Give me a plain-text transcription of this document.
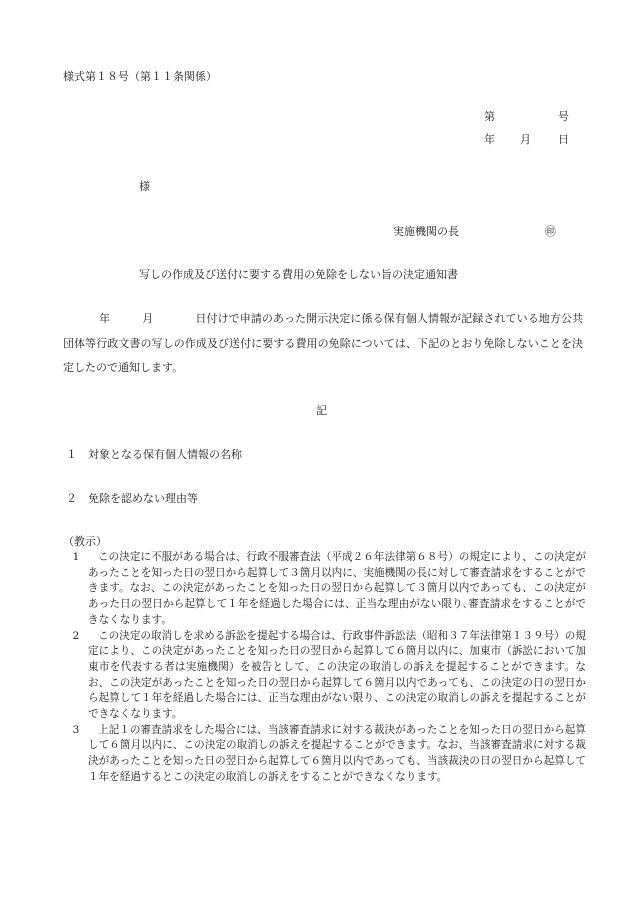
様式第１８号（第１１条関係）
第	号
年 月 日
様
実施機関の長	㊞
写しの作成及び送付に要する費用の免除をしない旨の決定通知書
年	月	日付けで申請のあった開示決定に係る保有個人情報が記録されている地方公共団体等行政文書の写しの作成及び送付に要する費用の免除については、下記のとおり免除しないことを決定したので通知します。
記
１　対象となる保有個人情報の名称
２　免除を認めない理由等
（教示）

1	この決定に不服がある場合は、行政不服審査法（平成２６年法律第６８号）の規定により、この決定があったことを知った日の翌日から起算して３箇月以内に、実施機関の長に対して審査請求をすることができます。なお、この決定があったことを知った日の翌日から起算して３箇月以内であっても、この決定があった日の翌日から起算して１年を経過した場合には、正当な理由がない限り､審査請求をすることができなくなります。

2	この決定の取消しを求める訴訟を提起する場合は、行政事件訴訟法（昭和３７年法律第１３９号）の規定により、この決定があったことを知った日の翌日から起算して６箇月以内に、加東市（訴訟において加東市を代表する者は実施機関）を被告として、この決定の取消しの訴えを提起することができます。なお、この決定があったことを知った日の翌日から起算して６箇月以内であっても、この決定の日の翌日から起算して１年を経過した場合には、正当な理由がない限り、この決定の取消しの訴えを提起することができなくなります。

3	上記１の審査請求をした場合には、当該審査請求に対する裁決があったことを知った日の翌日から起算して６箇月以内に、この決定の取消しの訴えを提起することができます。なお、当該審査請求に対する裁決があったことを知った日の翌日から起算して６箇月以内であっても、当該裁決の日の翌日から起算して１年を経過するとこの決定の取消しの訴えをすることができなくなります。
